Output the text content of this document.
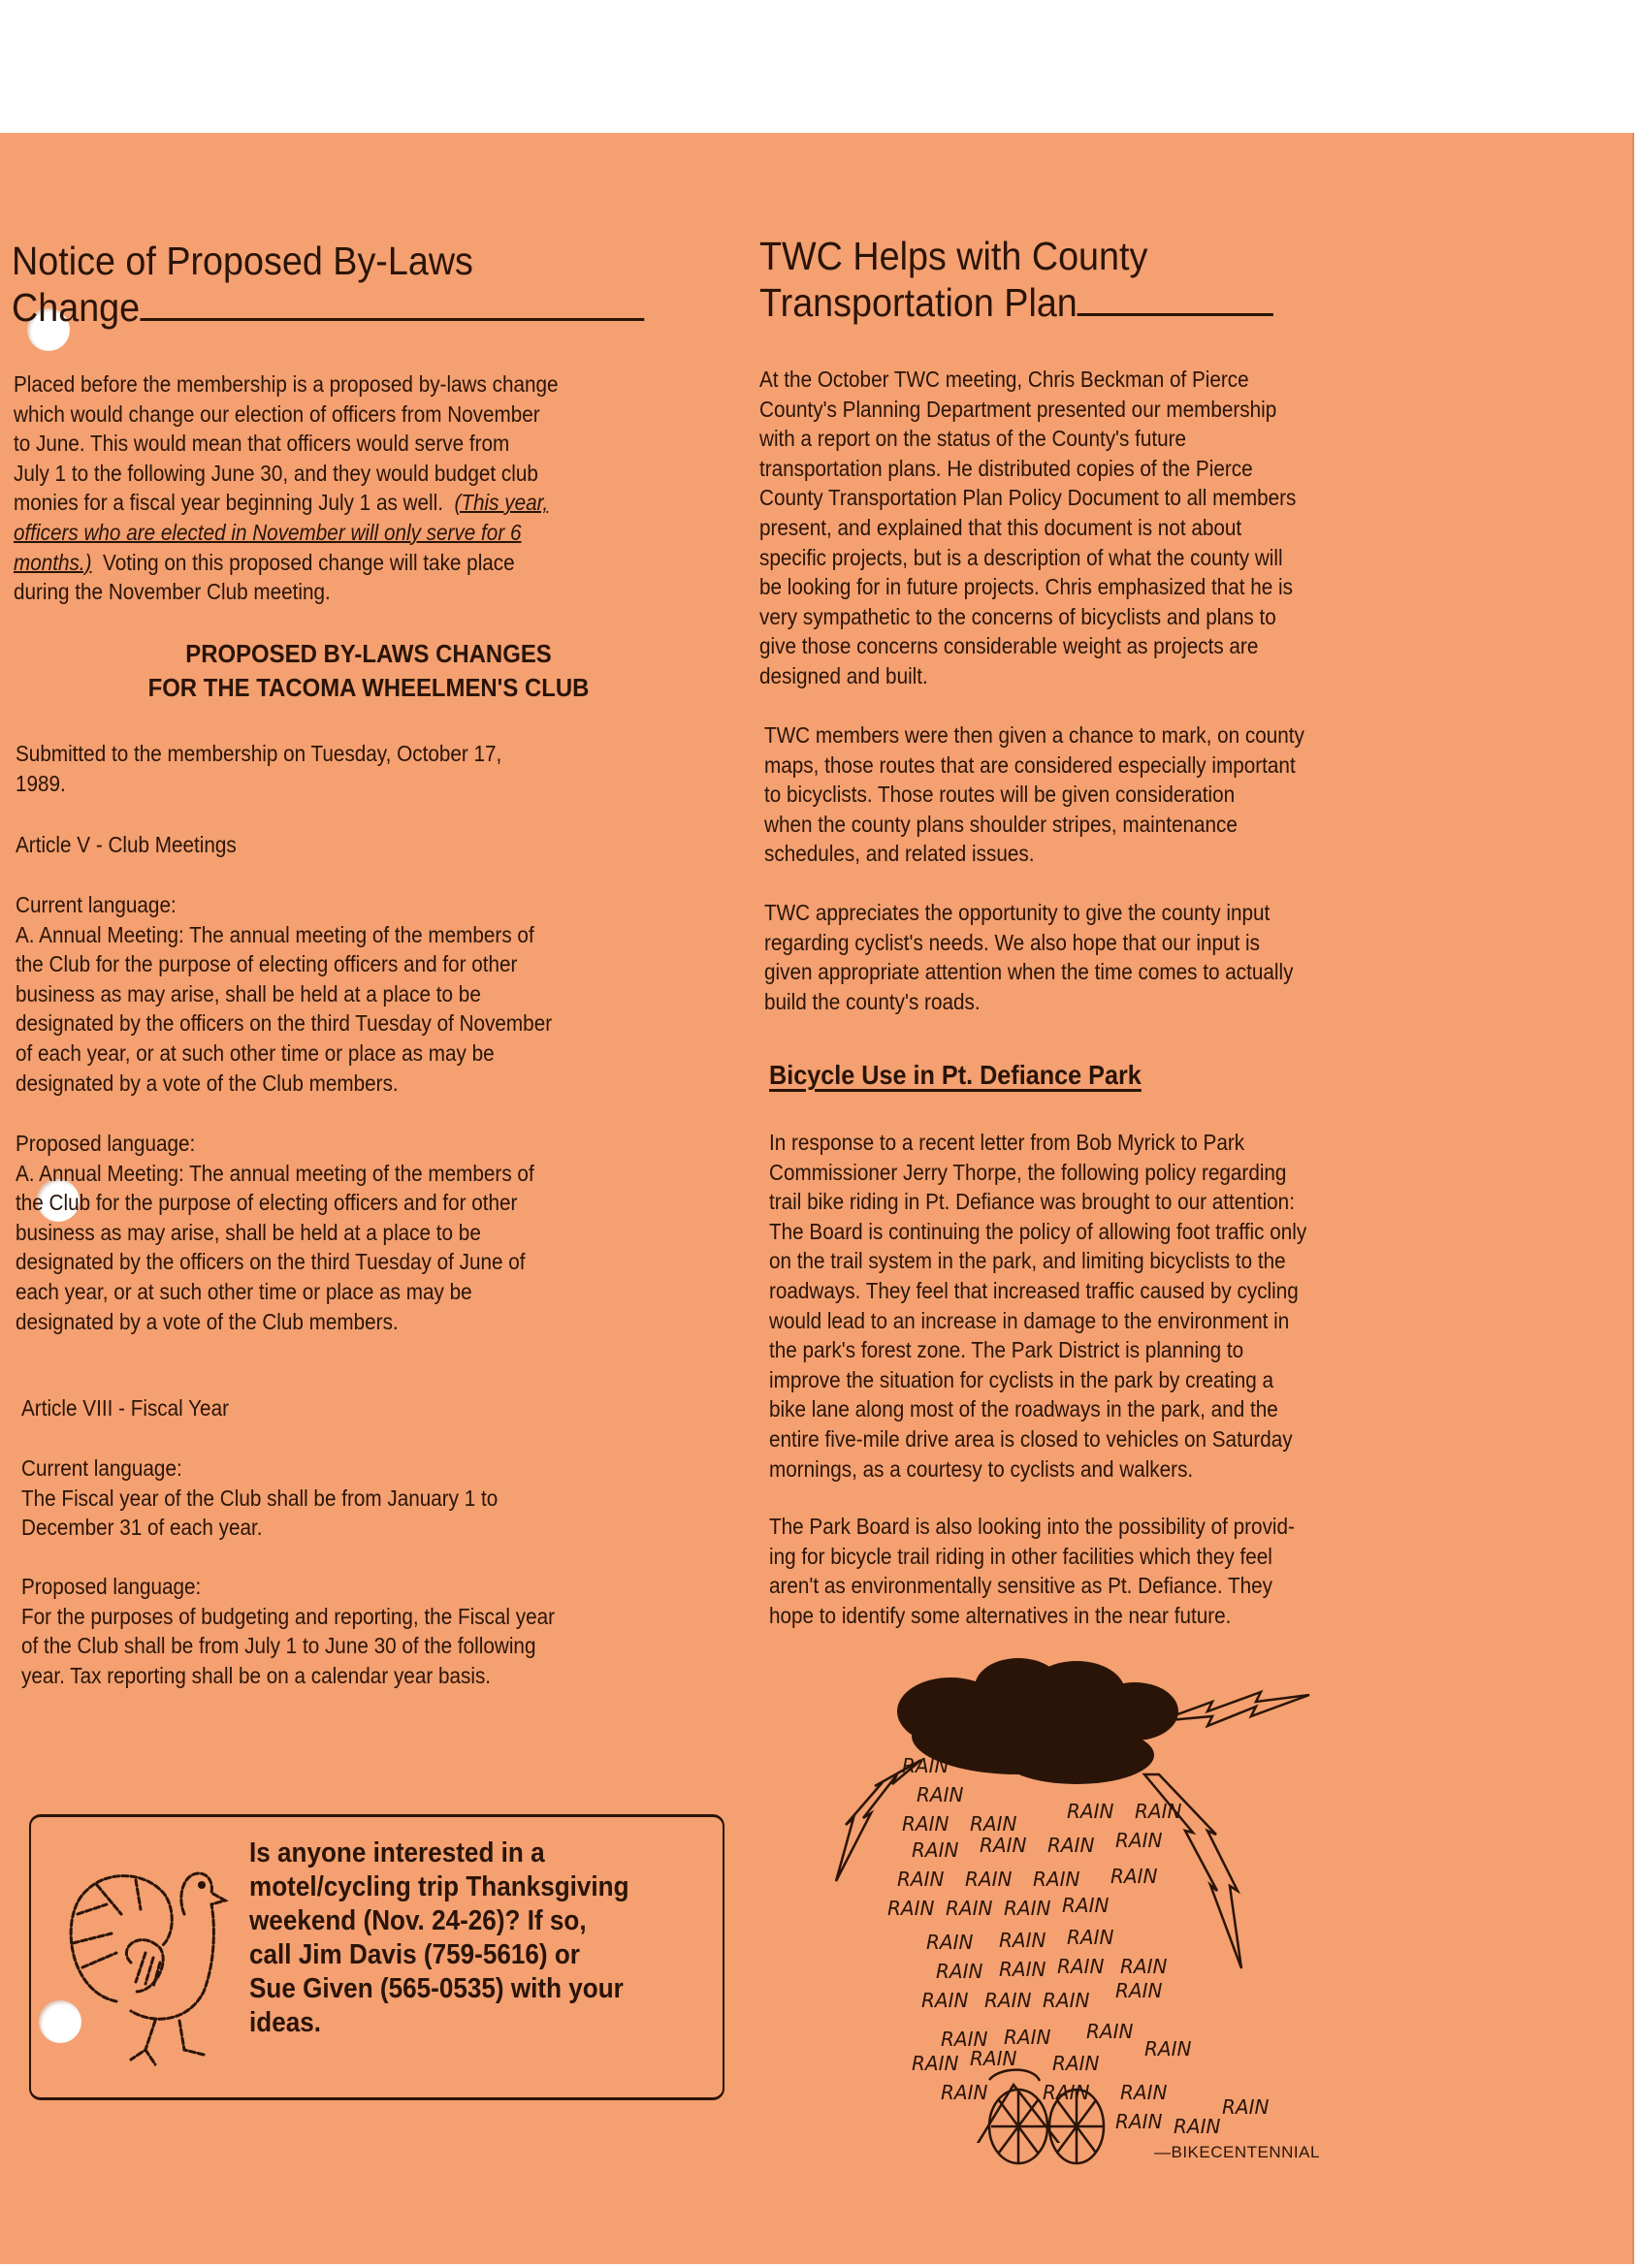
Notice of Proposed By-Laws
Change
Placed before the membership is a proposed by-laws change
which would change our election of officers from November
to June. This would mean that officers would serve from
July 1 to the following June 30, and they would budget club
monies for a fiscal year beginning July 1 as well.  (This year,
officers who are elected in November will only serve for 6
months.)  Voting on this proposed change will take place
during the November Club meeting.
PROPOSED BY-LAWS CHANGES
FOR THE TACOMA WHEELMEN'S CLUB
Submitted to the membership on Tuesday, October 17,
1989.
Article V - Club Meetings
Current language:
A. Annual Meeting: The annual meeting of the members of
the Club for the purpose of electing officers and for other
business as may arise, shall be held at a place to be
designated by the officers on the third Tuesday of November
of each year, or at such other time or place as may be
designated by a vote of the Club members.
Proposed language:
A. Annual Meeting: The annual meeting of the members of
the Club for the purpose of electing officers and for other
business as may arise, shall be held at a place to be
designated by the officers on the third Tuesday of June of
each year, or at such other time or place as may be
designated by a vote of the Club members.
Article VIII - Fiscal Year
Current language:
The Fiscal year of the Club shall be from January 1 to
December 31 of each year.
Proposed language:
For the purposes of budgeting and reporting, the Fiscal year
of the Club shall be from July 1 to June 30 of the following
year. Tax reporting shall be on a calendar year basis.
Is anyone interested in a
motel/cycling trip Thanksgiving
weekend (Nov. 24-26)? If so,
call Jim Davis (759-5616) or
Sue Given (565-0535) with your
ideas.
TWC Helps with County
Transportation Plan
At the October TWC meeting, Chris Beckman of Pierce
County's Planning Department presented our membership
with a report on the status of the County's future
transportation plans. He distributed copies of the Pierce
County Transportation Plan Policy Document to all members
present, and explained that this document is not about
specific projects, but is a description of what the county will
be looking for in future projects. Chris emphasized that he is
very sympathetic to the concerns of bicyclists and plans to
give those concerns considerable weight as projects are
designed and built.
TWC members were then given a chance to mark, on county
maps, those routes that are considered especially important
to bicyclists. Those routes will be given consideration
when the county plans shoulder stripes, maintenance
schedules, and related issues.
TWC appreciates the opportunity to give the county input
regarding cyclist's needs. We also hope that our input is
given appropriate attention when the time comes to actually
build the county's roads.
Bicycle Use in Pt. Defiance Park
In response to a recent letter from Bob Myrick to Park
Commissioner Jerry Thorpe, the following policy regarding
trail bike riding in Pt. Defiance was brought to our attention:
The Board is continuing the policy of allowing foot traffic only
on the trail system in the park, and limiting bicyclists to the
roadways. They feel that increased traffic caused by cycling
would lead to an increase in damage to the environment in
the park's forest zone. The Park District is planning to
improve the situation for cyclists in the park by creating a
bike lane along most of the roadways in the park, and the
entire five-mile drive area is closed to vehicles on Saturday
mornings, as a courtesy to cyclists and walkers.
The Park Board is also looking into the possibility of provid-
ing for bicycle trail riding in other facilities which they feel
aren't as environmentally sensitive as Pt. Defiance. They
hope to identify some alternatives in the near future.
RAIN
RAIN
RAIN RAIN
RAIN RAIN
RAIN RAIN RAIN RAIN
RAIN RAIN RAIN RAIN
RAIN RAIN RAIN RAIN
RAIN RAIN RAIN
RAIN RAIN RAIN RAIN
RAIN RAIN RAIN RAIN
RAIN RAIN RAIN
RAIN
RAIN RAIN RAIN
RAIN	RAIN RAIN
RAIN
RAIN
RAIN
—BIKECENTENNIAL
